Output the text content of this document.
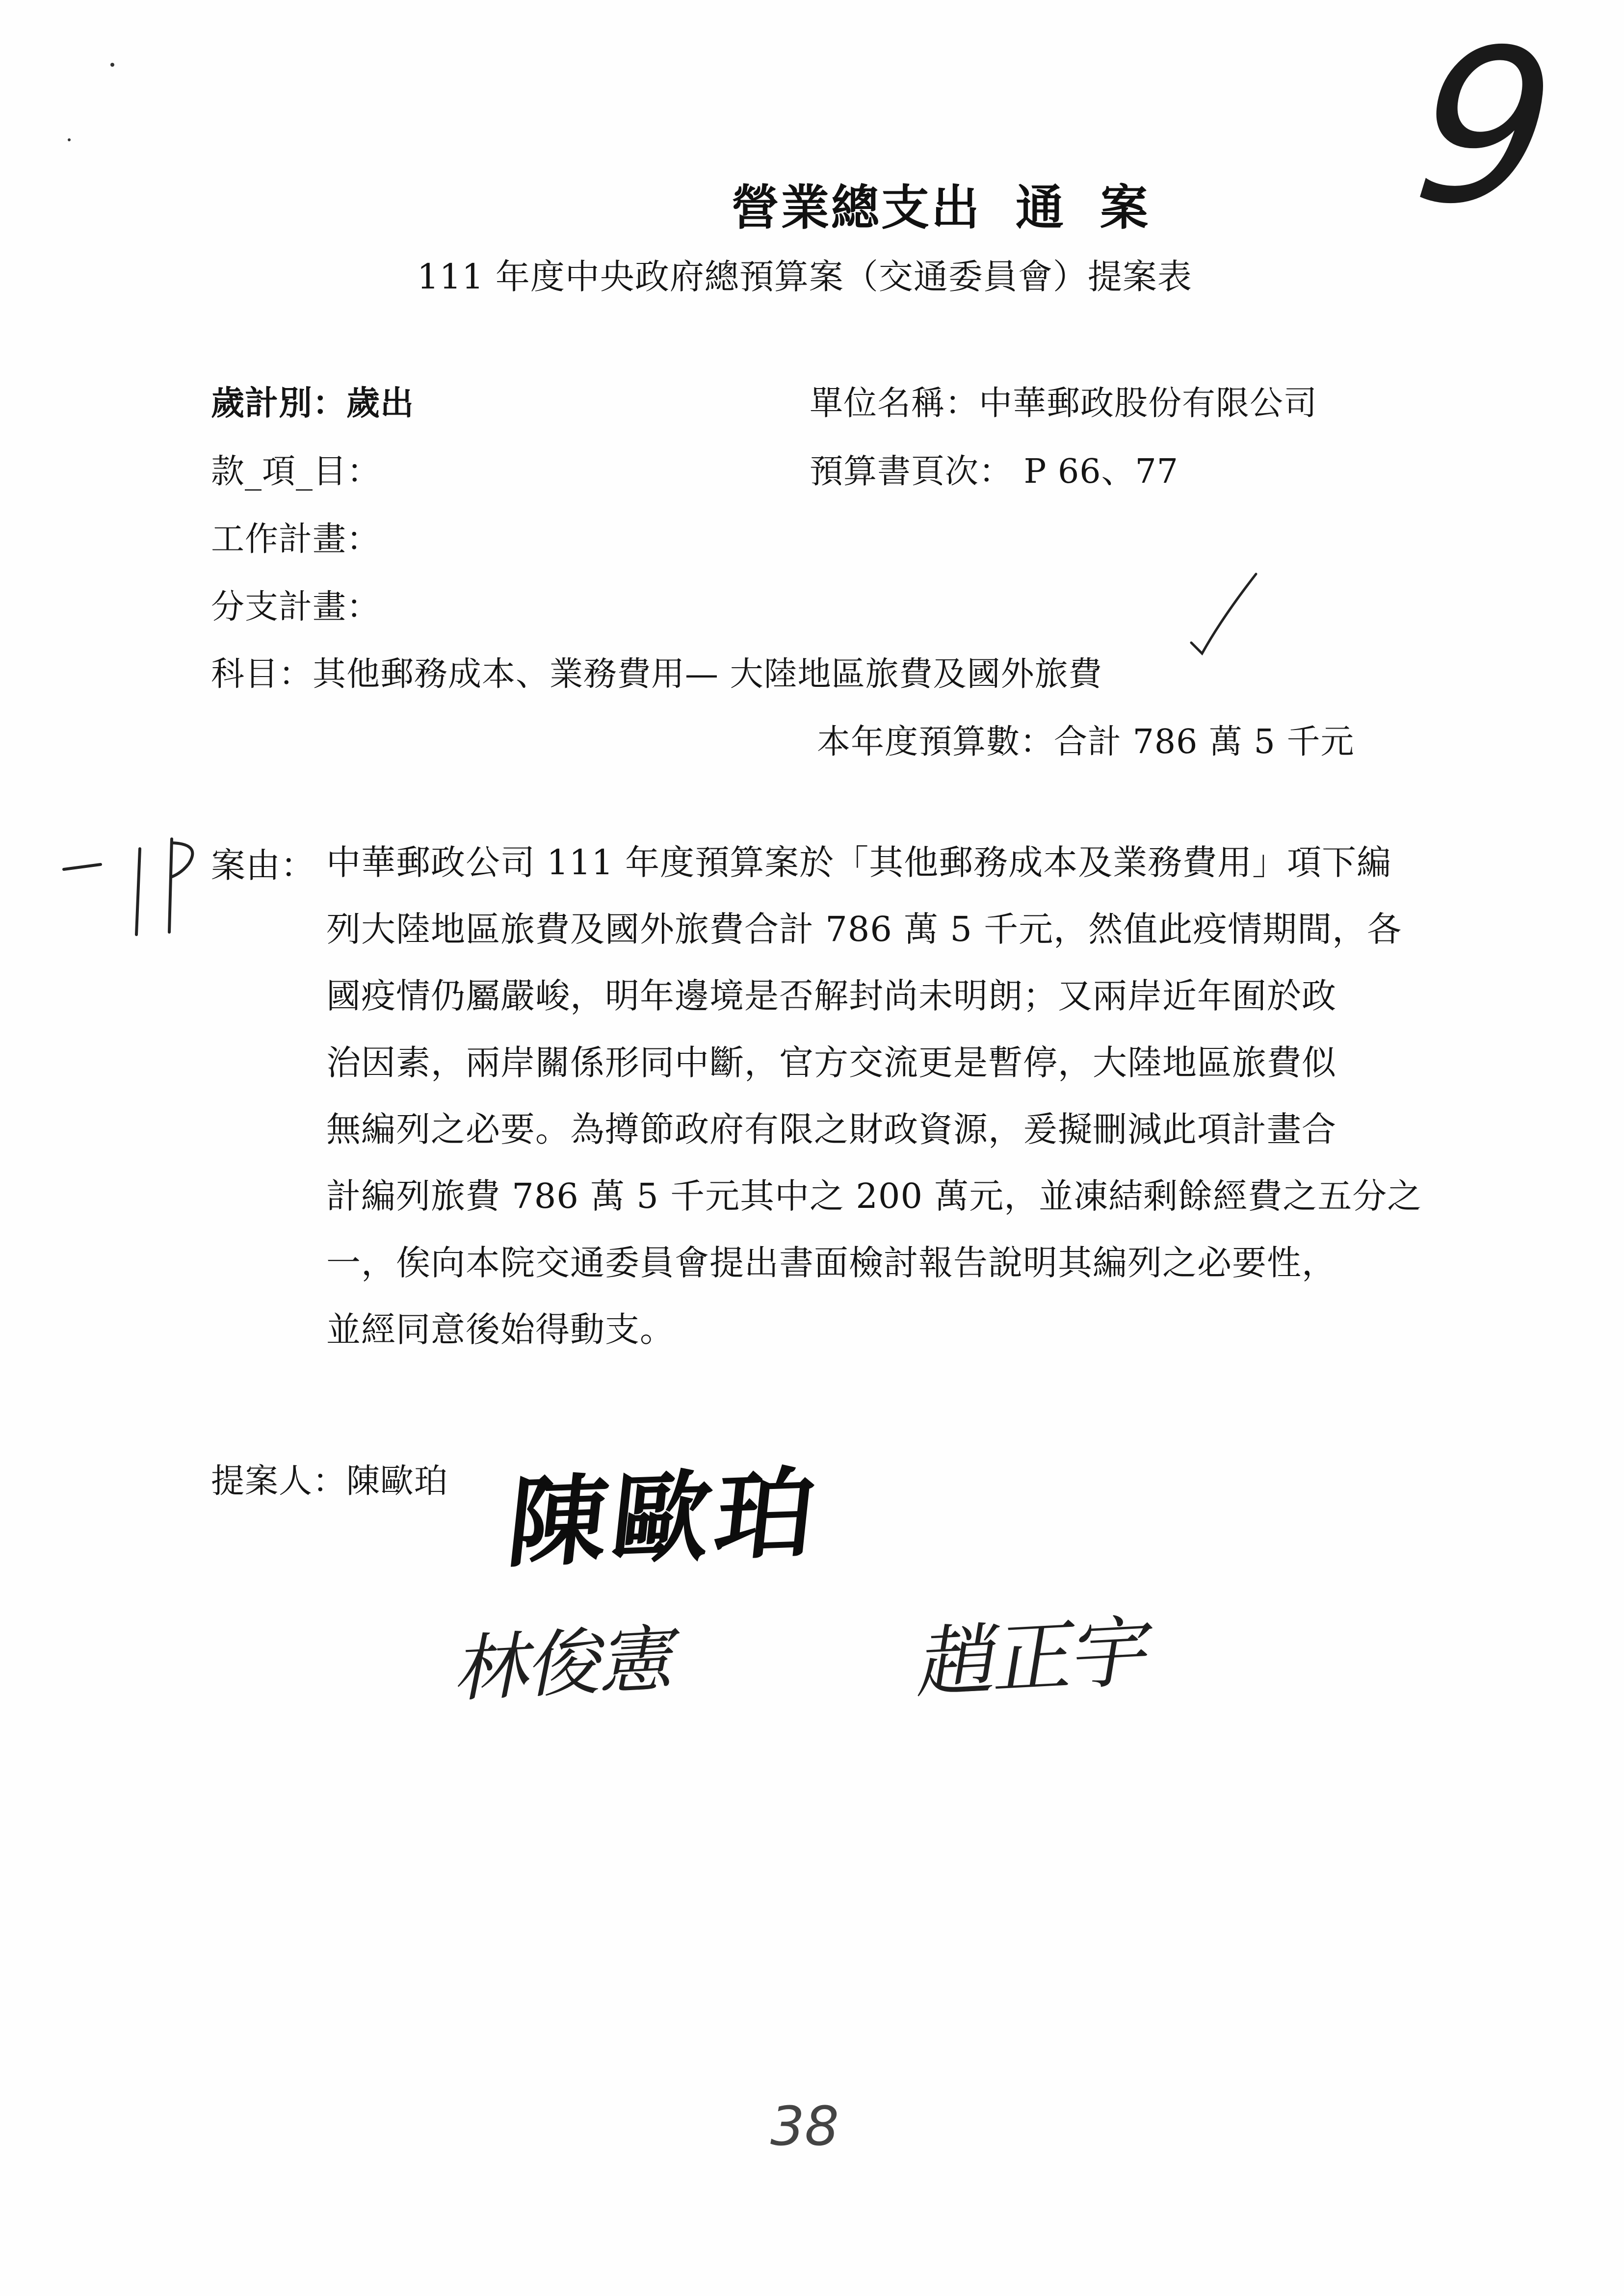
9
營業總支出 通 案
111 年度中央政府總預算案（交通委員會）提案表
歲計別：歲出
款_項_目：
工作計畫：
分支計畫：
科目：其他郵務成本、業務費用— 大陸地區旅費及國外旅費
單位名稱：中華郵政股份有限公司
預算書頁次： P 66、77
本年度預算數：合計 786 萬 5 千元
案由： 中華郵政公司 111 年度預算案於「其他郵務成本及業務費用」項下編
列大陸地區旅費及國外旅費合計 786 萬 5 千元，然值此疫情期間，各
國疫情仍屬嚴峻，明年邊境是否解封尚未明朗；又兩岸近年囿於政
治因素，兩岸關係形同中斷，官方交流更是暫停，大陸地區旅費似
無編列之必要。為撙節政府有限之財政資源，爰擬刪減此項計畫合
計編列旅費 786 萬 5 千元其中之 200 萬元，並凍結剩餘經費之五分之
一，俟向本院交通委員會提出書面檢討報告說明其編列之必要性，
並經同意後始得動支。
提案人：陳歐珀 陳歐珀
林俊憲	趙正宇
38
